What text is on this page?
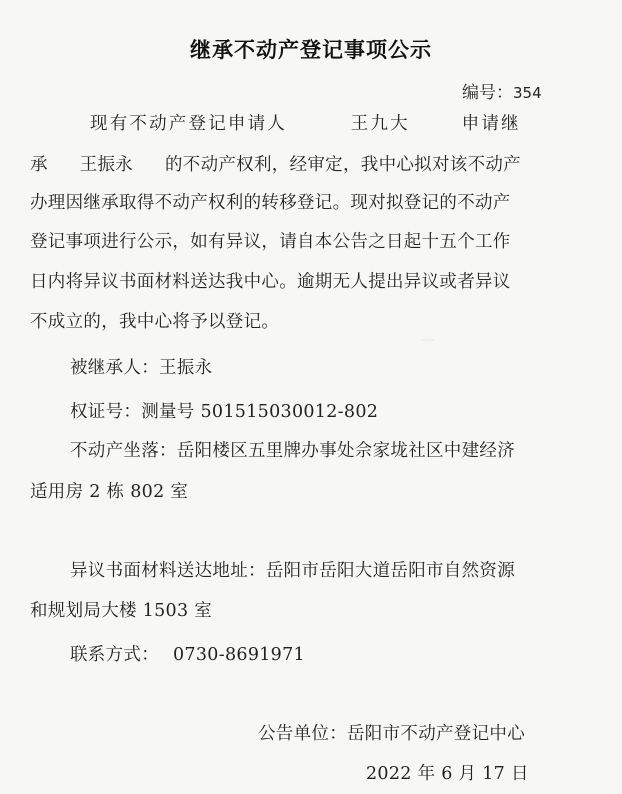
—
继承不动产登记事项公示
编号：354
现有不动产登记申请人	王九大	申请继
承 王振永 的不动产权利，经审定，我中心拟对该不动产
办理因继承取得不动产权利的转移登记。现对拟登记的不动产
登记事项进行公示，如有异议，请自本公告之日起十五个工作
日内将异议书面材料送达我中心。逾期无人提出异议或者异议
不成立的，我中心将予以登记。
被继承人：王振永
权证号：测量号 501515030012-802
不动产坐落：岳阳楼区五里牌办事处佘家垅社区中建经济
适用房 2 栋 802 室
异议书面材料送达地址：岳阳市岳阳大道岳阳市自然资源
和规划局大楼 1503 室
联系方式： 0730-8691971
公告单位：岳阳市不动产登记中心
2022 年 6 月 17 日
